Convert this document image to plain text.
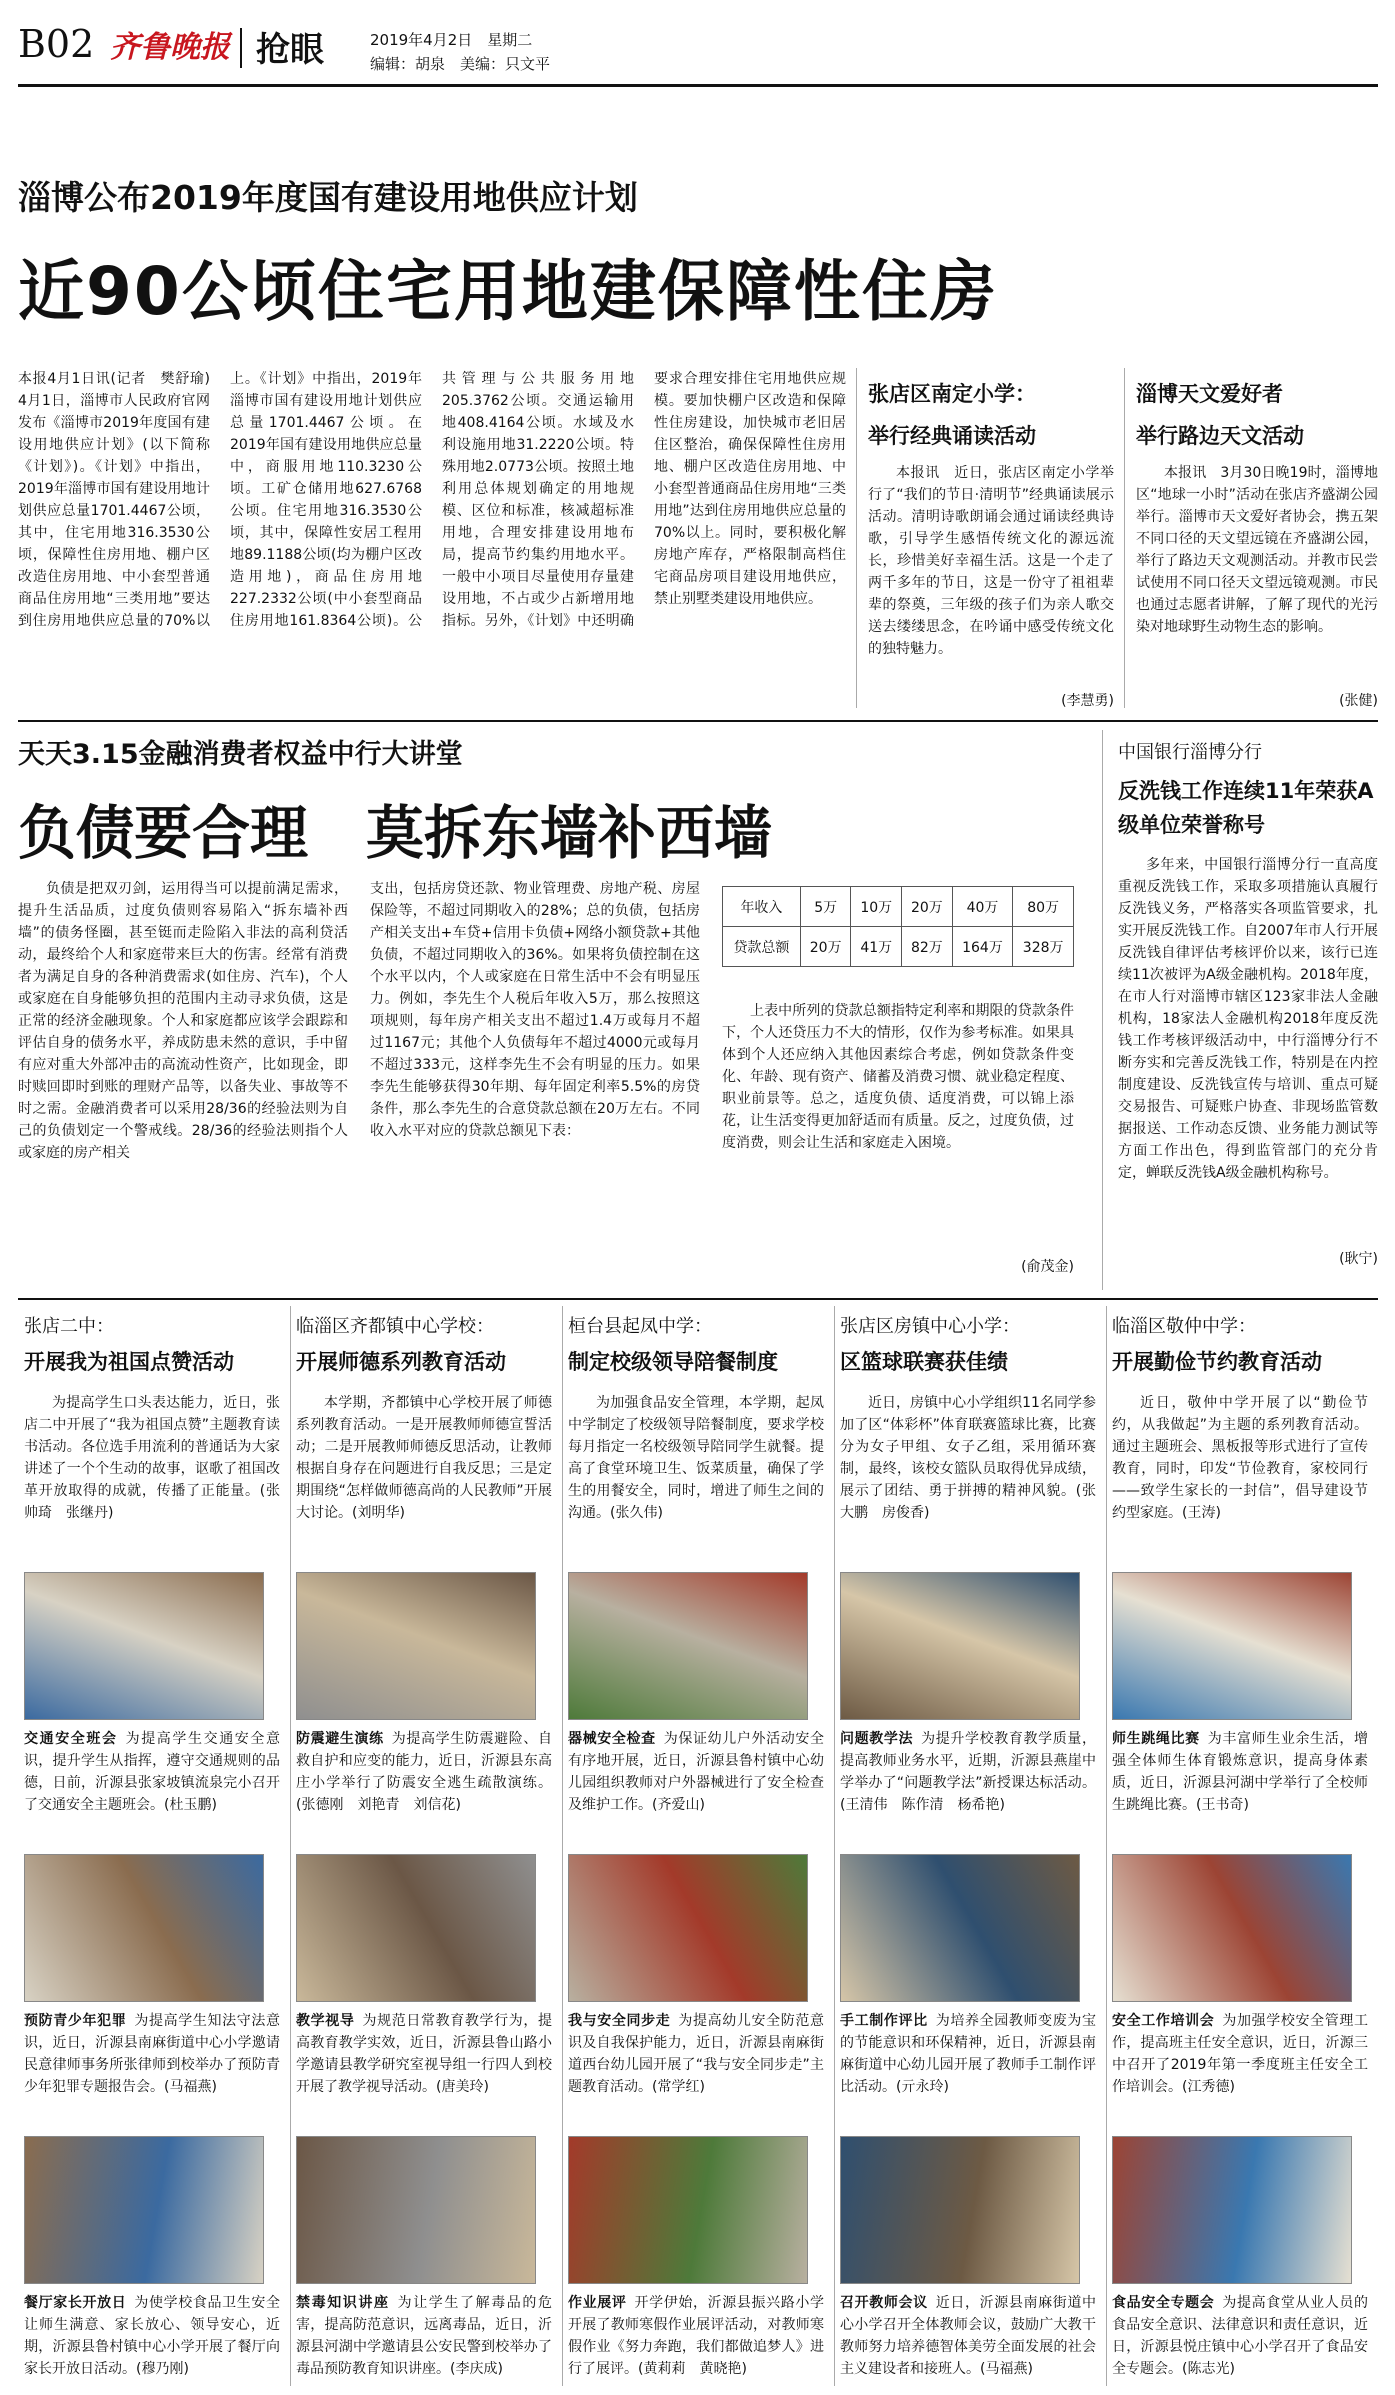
B02 齐鲁晚报 抢眼	2019年4月2日　星期二
编辑：胡泉　美编：只文平
淄博公布2019年度国有建设用地供应计划
近90公顷住宅用地建保障性住房
本报4月1日讯(记者　樊舒瑜)　4月1日，淄博市人民政府官网发布《淄博市2019年度国有建设用地供应计划》(以下简称《计划》)。《计划》中指出，2019年淄博市国有建设用地计划供应总量1701.4467公顷，其中，住宅用地316.3530公顷，保障性住房用地、棚户区改造住房用地、中小套型普通商品住房用地“三类用地”要达到住房用地供应总量的70%以上。《计划》中指出，2019年淄博市国有建设用地计划供应总量1701.4467公顷。在2019年国有建设用地供应总量中，商服用地110.3230公顷。工矿仓储用地627.6768公顷。住宅用地316.3530公顷，其中，保障性安居工程用地89.1188公顷(均为棚户区改造用地)，商品住房用地227.2332公顷(中小套型商品住房用地161.8364公顷)。公共管理与公共服务用地205.3762公顷。交通运输用地408.4164公顷。水域及水利设施用地31.2220公顷。特殊用地2.0773公顷。按照土地利用总体规划确定的用地规模、区位和标准，核减超标准用地，合理安排建设用地布局，提高节约集约用地水平。一般中小项目尽量使用存量建设用地，不占或少占新增用地指标。另外，《计划》中还明确要求合理安排住宅用地供应规模。要加快棚户区改造和保障性住房建设，加快城市老旧居住区整治，确保保障性住房用地、棚户区改造住房用地、中小套型普通商品住房用地“三类用地”达到住房用地供应总量的70%以上。同时，要积极化解房地产库存，严格限制高档住宅商品房项目建设用地供应，禁止别墅类建设用地供应。
张店区南定小学：
举行经典诵读活动
本报讯　近日，张店区南定小学举行了“我们的节日·清明节”经典诵读展示活动。清明诗歌朗诵会通过诵读经典诗歌，引导学生感悟传统文化的源远流长，珍惜美好幸福生活。这是一个走了两千多年的节日，这是一份守了祖祖辈辈的祭奠，三年级的孩子们为亲人歌交送去缕缕思念，在吟诵中感受传统文化的独特魅力。
(李慧勇)
淄博天文爱好者
举行路边天文活动
本报讯　3月30日晚19时，淄博地区“地球一小时”活动在张店齐盛湖公园举行。淄博市天文爱好者协会，携五架不同口径的天文望远镜在齐盛湖公园，举行了路边天文观测活动。并教市民尝试使用不同口径天文望远镜观测。市民也通过志愿者讲解，了解了现代的光污染对地球野生动物生态的影响。
(张健)
天天3.15金融消费者权益中行大讲堂
负债要合理　莫拆东墙补西墙
负债是把双刃剑，运用得当可以提前满足需求，提升生活品质，过度负债则容易陷入“拆东墙补西墙”的债务怪圈，甚至铤而走险陷入非法的高利贷活动，最终给个人和家庭带来巨大的伤害。经常有消费者为满足自身的各种消费需求(如住房、汽车)，个人或家庭在自身能够负担的范围内主动寻求负债，这是正常的经济金融现象。个人和家庭都应该学会跟踪和评估自身的债务水平，养成防患未然的意识，手中留有应对重大外部冲击的高流动性资产，比如现金，即时赎回即时到账的理财产品等，以备失业、事故等不时之需。金融消费者可以采用28/36的经验法则为自己的负债划定一个警戒线。28/36的经验法则指个人或家庭的房产相关
支出，包括房贷还款、物业管理费、房地产税、房屋保险等，不超过同期收入的28%；总的负债，包括房产相关支出+车贷+信用卡负债+网络小额贷款+其他负债，不超过同期收入的36%。如果将负债控制在这个水平以内，个人或家庭在日常生活中不会有明显压力。例如，李先生个人税后年收入5万，那么按照这项规则，每年房产相关支出不超过1.4万或每月不超过1167元；其他个人负债每年不超过4000元或每月不超过333元，这样李先生不会有明显的压力。如果李先生能够获得30年期、每年固定利率5.5%的房贷条件，那么李先生的合意贷款总额在20万左右。不同收入水平对应的贷款总额见下表：
年收入	5万	10万	20万	40万	80万
贷款总额	20万	41万	82万	164万	328万
上表中所列的贷款总额指特定利率和期限的贷款条件下，个人还贷压力不大的情形，仅作为参考标准。如果具体到个人还应纳入其他因素综合考虑，例如贷款条件变化、年龄、现有资产、储蓄及消费习惯、就业稳定程度、职业前景等。总之，适度负债、适度消费，可以锦上添花，让生活变得更加舒适而有质量。反之，过度负债，过度消费，则会让生活和家庭走入困境。
(俞茂金)
中国银行淄博分行
反洗钱工作连续11年荣获A级单位荣誉称号
多年来，中国银行淄博分行一直高度重视反洗钱工作，采取多项措施认真履行反洗钱义务，严格落实各项监管要求，扎实开展反洗钱工作。自2007年市人行开展反洗钱自律评估考核评价以来，该行已连续11次被评为A级金融机构。2018年度，在市人行对淄博市辖区123家非法人金融机构，18家法人金融机构2018年度反洗钱工作考核评级活动中，中行淄博分行不断夯实和完善反洗钱工作，特别是在内控制度建设、反洗钱宣传与培训、重点可疑交易报告、可疑账户协查、非现场监管数据报送、工作动态反馈、业务能力测试等方面工作出色，得到监管部门的充分肯定，蝉联反洗钱A级金融机构称号。
(耿宁)
张店二中：
开展我为祖国点赞活动
为提高学生口头表达能力，近日，张店二中开展了“我为祖国点赞”主题教育读书活动。各位选手用流利的普通话为大家讲述了一个个生动的故事，讴歌了祖国改革开放取得的成就，传播了正能量。(张帅琦　张继丹)
交通安全班会 为提高学生交通安全意识，提升学生从指挥，遵守交通规则的品德，日前，沂源县张家坡镇流泉完小召开了交通安全主题班会。(杜玉鹏)
预防青少年犯罪 为提高学生知法守法意识，近日，沂源县南麻街道中心小学邀请民意律师事务所张律师到校举办了预防青少年犯罪专题报告会。(马福燕)
餐厅家长开放日 为使学校食品卫生安全让师生满意、家长放心、领导安心，近期，沂源县鲁村镇中心小学开展了餐厅向家长开放日活动。(穆乃刚)
临淄区齐都镇中心学校：
开展师德系列教育活动
本学期，齐都镇中心学校开展了师德系列教育活动。一是开展教师师德宣誓活动；二是开展教师师德反思活动，让教师根据自身存在问题进行自我反思；三是定期围绕“怎样做师德高尚的人民教师”开展大讨论。(刘明华)
防震避生演练 为提高学生防震避险、自救自护和应变的能力，近日，沂源县东高庄小学举行了防震安全逃生疏散演练。(张德刚　刘艳青　刘信花)
教学视导 为规范日常教育教学行为，提高教育教学实效，近日，沂源县鲁山路小学邀请县教学研究室视导组一行四人到校开展了教学视导活动。(唐美玲)
禁毒知识讲座 为让学生了解毒品的危害，提高防范意识，远离毒品，近日，沂源县河湖中学邀请县公安民警到校举办了毒品预防教育知识讲座。(李庆成)
桓台县起凤中学：
制定校级领导陪餐制度
为加强食品安全管理，本学期，起凤中学制定了校级领导陪餐制度，要求学校每月指定一名校级领导陪同学生就餐。提高了食堂环境卫生、饭菜质量，确保了学生的用餐安全，同时，增进了师生之间的沟通。(张久伟)
器械安全检查 为保证幼儿户外活动安全有序地开展，近日，沂源县鲁村镇中心幼儿园组织教师对户外器械进行了安全检查及维护工作。(齐爱山)
我与安全同步走 为提高幼儿安全防范意识及自我保护能力，近日，沂源县南麻街道西台幼儿园开展了“我与安全同步走”主题教育活动。(常学红)
作业展评 开学伊始，沂源县振兴路小学开展了教师寒假作业展评活动，对教师寒假作业《努力奔跑，我们都做追梦人》进行了展评。(黄莉莉　黄晓艳)
张店区房镇中心小学：
区篮球联赛获佳绩
近日，房镇中心小学组织11名同学参加了区“体彩杯”体育联赛篮球比赛，比赛分为女子甲组、女子乙组，采用循环赛制，最终，该校女篮队员取得优异成绩，展示了团结、勇于拼搏的精神风貌。(张大鹏　房俊香)
问题教学法 为提升学校教育教学质量，提高教师业务水平，近期，沂源县燕崖中学举办了“问题教学法”新授课达标活动。(王清伟　陈作清　杨希艳)
手工制作评比 为培养全园教师变废为宝的节能意识和环保精神，近日，沂源县南麻街道中心幼儿园开展了教师手工制作评比活动。(亓永玲)
召开教师会议 近日，沂源县南麻街道中心小学召开全体教师会议，鼓励广大教干教师努力培养德智体美劳全面发展的社会主义建设者和接班人。(马福燕)
临淄区敬仲中学：
开展勤俭节约教育活动
近日，敬仲中学开展了以“勤俭节约，从我做起”为主题的系列教育活动。通过主题班会、黑板报等形式进行了宣传教育，同时，印发“节俭教育，家校同行——致学生家长的一封信”，倡导建设节约型家庭。(王涛)
师生跳绳比赛 为丰富师生业余生活，增强全体师生体育锻炼意识，提高身体素质，近日，沂源县河湖中学举行了全校师生跳绳比赛。(王书奇)
安全工作培训会 为加强学校安全管理工作，提高班主任安全意识，近日，沂源三中召开了2019年第一季度班主任安全工作培训会。(江秀德)
食品安全专题会 为提高食堂从业人员的食品安全意识、法律意识和责任意识，近日，沂源县悦庄镇中心小学召开了食品安全专题会。(陈志光)
